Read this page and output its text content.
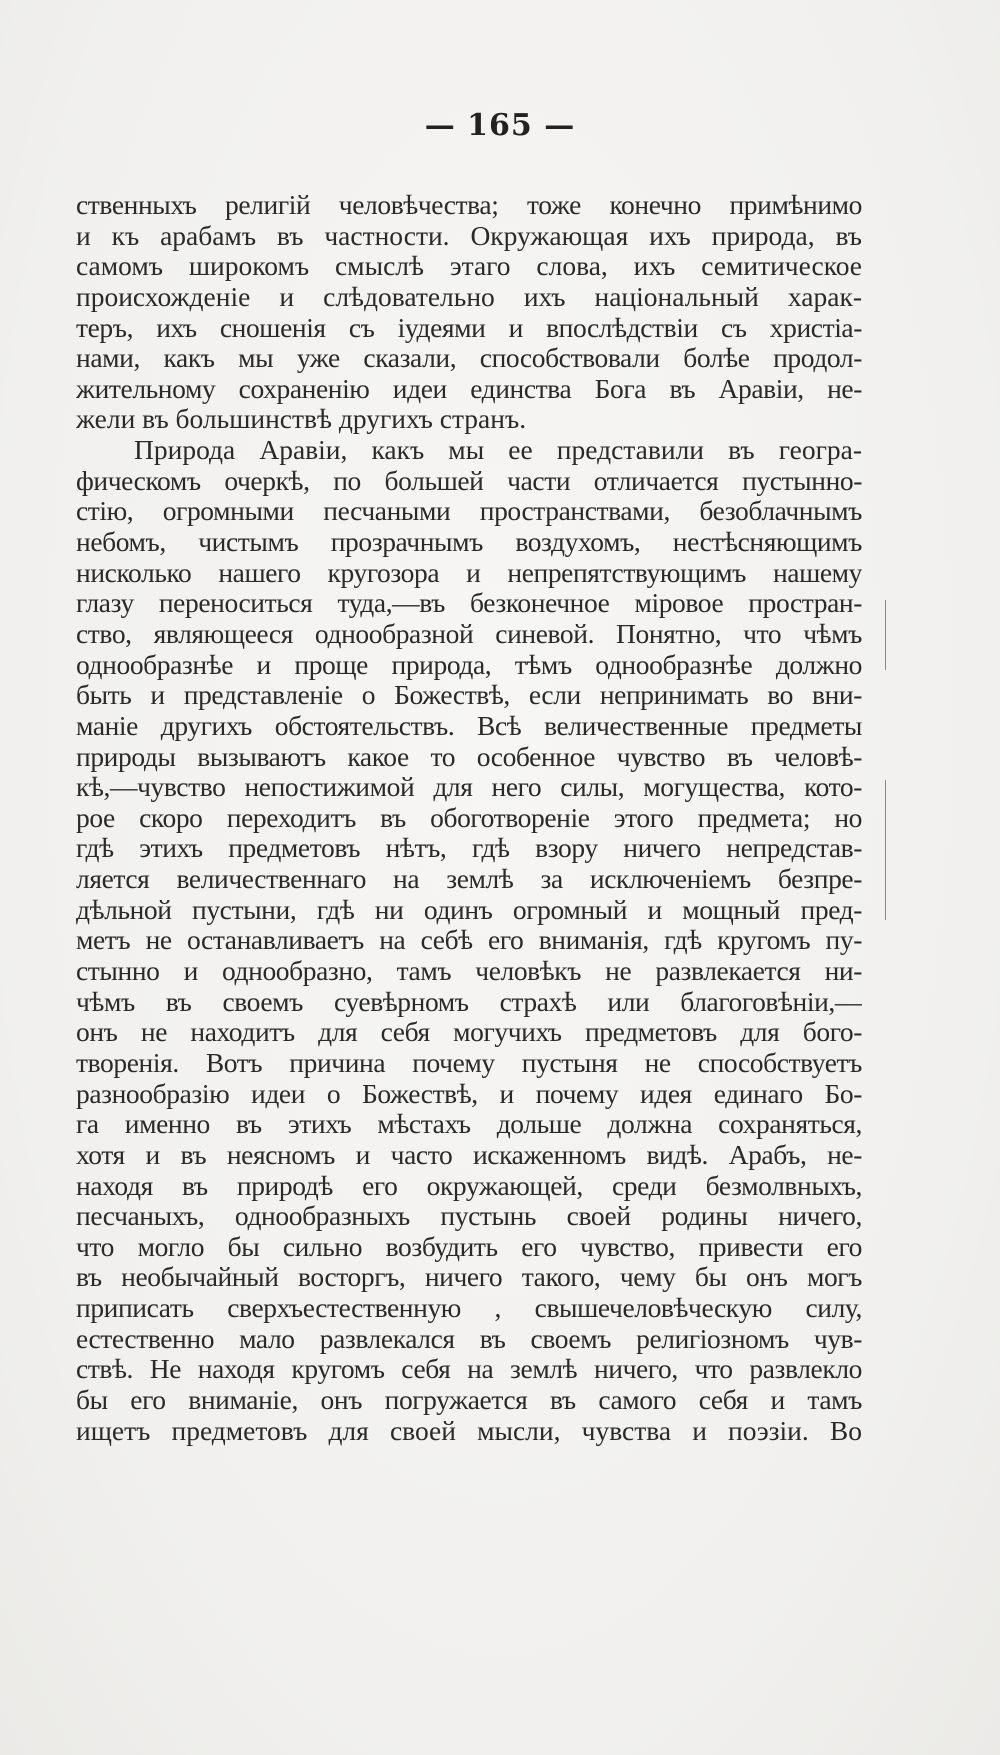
— 165 —
ственныхъ религій человѣчества; тоже конечно примѣнимо
и къ арабамъ въ частности. Окружающая ихъ природа, въ
самомъ широкомъ смыслѣ этаго слова, ихъ семитическое
происхожденіе и слѣдовательно ихъ національный харак-
теръ, ихъ сношенія съ іудеями и впослѣдствіи съ христіа-
нами, какъ мы уже сказали, способствовали болѣе продол-
жительному сохраненію идеи единства Бога въ Аравіи, не-
жели въ большинствѣ другихъ странъ.
Природа Аравіи, какъ мы ее представили въ геогра-
фическомъ очеркѣ, по большей части отличается пустынно-
стію, огромными песчаными пространствами, безоблачнымъ
небомъ, чистымъ прозрачнымъ воздухомъ, нестѣсняющимъ
нисколько нашего кругозора и непрепятствующимъ нашему
глазу переноситься туда,—въ безконечное міровое простран-
ство, являющееся однообразной синевой. Понятно, что чѣмъ
однообразнѣе и проще природа, тѣмъ однообразнѣе должно
быть и представленіе о Божествѣ, если непринимать во вни-
маніе другихъ обстоятельствъ. Всѣ величественные предметы
природы вызываютъ какое то особенное чувство въ человѣ-
кѣ,—чувство непостижимой для него силы, могущества, кото-
рое скоро переходитъ въ обоготвореніе этого предмета; но
гдѣ этихъ предметовъ нѣтъ, гдѣ взору ничего непредстав-
ляется величественнаго на землѣ за исключеніемъ безпре-
дѣльной пустыни, гдѣ ни одинъ огромный и мощный пред-
метъ не останавливаетъ на себѣ его вниманія, гдѣ кругомъ пу-
стынно и однообразно, тамъ человѣкъ не развлекается ни-
чѣмъ въ своемъ суевѣрномъ страхѣ или благоговѣніи,—
онъ не находитъ для себя могучихъ предметовъ для бого-
творенія. Вотъ причина почему пустыня не способствуетъ
разнообразію идеи о Божествѣ, и почему идея единаго Бо-
га именно въ этихъ мѣстахъ дольше должна сохраняться,
хотя и въ неясномъ и часто искаженномъ видѣ. Арабъ, не-
находя въ природѣ его окружающей, среди безмолвныхъ,
песчаныхъ, однообразныхъ пустынь своей родины ничего,
что могло бы сильно возбудить его чувство, привести его
въ необычайный восторгъ, ничего такого, чему бы онъ могъ
приписать сверхъестественную , свышечеловѣческую силу,
естественно мало развлекался въ своемъ религіозномъ чув-
ствѣ. Не находя кругомъ себя на землѣ ничего, что развлекло
бы его вниманіе, онъ погружается въ самого себя и тамъ
ищетъ предметовъ для своей мысли, чувства и поэзіи. Во
